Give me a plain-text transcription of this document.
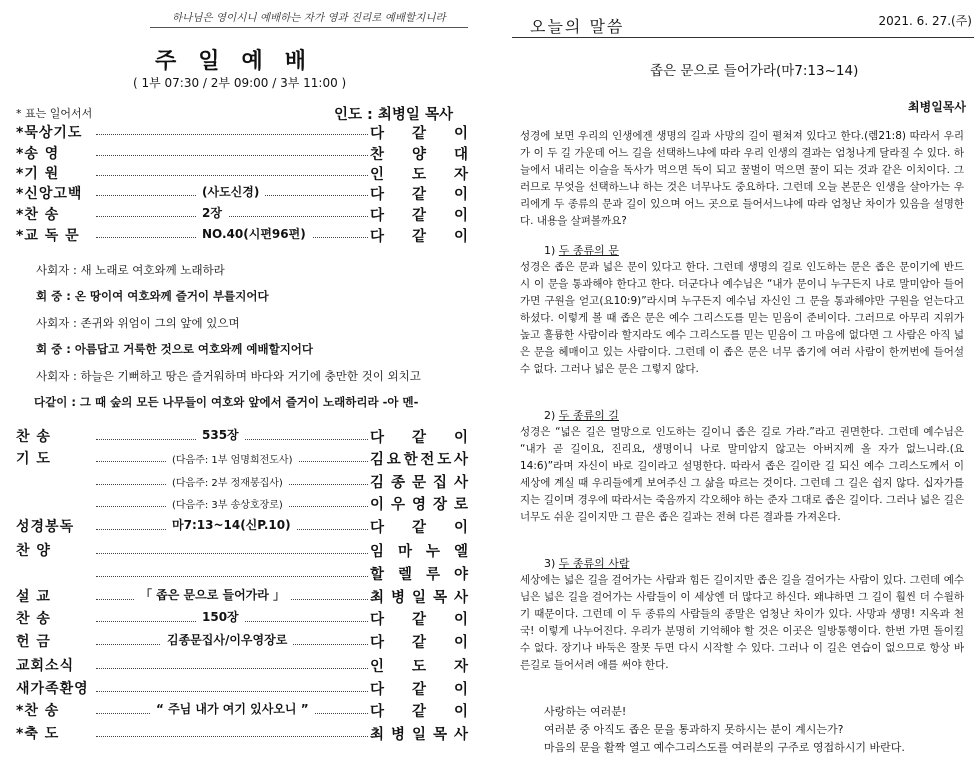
하나님은 영이시니 예배하는 자가 영과 진리로 예배할지니라
주일예배
( 1부 07:30 / 2부 09:00 / 3부 11:00 )
* 표는 일어서서	인도 : 최병일 목사
*묵상기도	다 같 이
*송 영	찬 양 대
*기 원	인 도 자
*신앙고백	(사도신경)	다 같 이
*찬 송	2장	다 같 이
*교 독 문	NO.40(시편96편)	다 같 이
사회자 : 새 노래로 여호와께 노래하라
회 중 : 온 땅이여 여호와께 즐거이 부를지어다
사회자 : 존귀와 위엄이 그의 앞에 있으며
회 중 : 아름답고 거룩한 것으로 여호와께 예배할지어다
사회자 : 하늘은 기뻐하고 땅은 즐거워하며 바다와 거기에 충만한 것이 외치고
다같이 : 그 때 숲의 모든 나무들이 여호와 앞에서 즐거이 노래하리라 -아 멘-
찬 송	535장	다 같 이
기 도	(다음주: 1부 엄명희전도사)	김 요 한 전 도 사
(다음주: 2부 정재봉집사)	김 종 문 집 사
(다음주: 3부 송상호장로)	이 우 영 장 로
성경봉독	마7:13~14(신P.10)	다 같 이
찬 양	임 마 누 엘
할 렐 루 야
설 교	「 좁은 문으로 들어가라 」	최 병 일 목 사
찬 송	150장	다 같 이
헌 금	김종문집사/이우영장로	다 같 이
교회소식	인 도 자
새가족환영	다 같 이
*찬 송	“ 주님 내가 여기 있사오니 ”	다 같 이
*축 도	최 병 일 목 사
오늘의 말씀	2021. 6. 27.(주)
좁은 문으로 들어가라(마7:13~14)
최병일목사
성경에 보면 우리의 인생에겐 생명의 길과 사망의 길이 펼쳐져 있다고 한다.(렘21:8) 따라서 우리가 이 두 길 가운데 어느 길을 선택하느냐에 따라 우리 인생의 결과는 엄청나게 달라질 수 있다. 하늘에서 내리는 이슬을 독사가 먹으면 독이 되고 꿀벌이 먹으면 꿀이 되는 것과 같은 이치이다. 그러므로 무엇을 선택하느냐 하는 것은 너무나도 중요하다. 그런데 오늘 본문은 인생을 살아가는 우리에게 두 종류의 문과 길이 있으며 어느 곳으로 들어서느냐에 따라 엄청난 차이가 있음을 설명한다. 내용을 살펴볼까요?
1) 두 종류의 문
성경은 좁은 문과 넓은 문이 있다고 한다. 그런데 생명의 길로 인도하는 문은 좁은 문이기에 반드시 이 문을 통과해야 한다고 한다. 더군다나 예수님은 “내가 문이니 누구든지 나로 말미암아 들어가면 구원을 얻고(요10:9)”라시며 누구든지 예수님 자신인 그 문을 통과해야만 구원을 얻는다고 하셨다. 이렇게 볼 때 좁은 문은 예수 그리스도를 믿는 믿음이 준비이다. 그러므로 아무리 지위가 높고 훌륭한 사람이라 할지라도 예수 그리스도를 믿는 믿음이 그 마음에 없다면 그 사람은 아직 넓은 문을 헤매이고 있는 사람이다. 그런데 이 좁은 문은 너무 좁기에 여러 사람이 한꺼번에 들어설 수 없다. 그러나 넓은 문은 그렇지 않다.
2) 두 종류의 길
성경은 “넓은 길은 멸망으로 인도하는 길이니 좁은 길로 가라.”라고 권면한다. 그런데 예수님은 “내가 곧 길이요, 진리요, 생명이니 나로 말미암지 않고는 아버지께 올 자가 없느니라.(요14:6)”라며 자신이 바로 길이라고 설명한다. 따라서 좁은 길이란 길 되신 예수 그리스도께서 이 세상에 계실 때 우리들에게 보여주신 그 삶을 따르는 것이다. 그런데 그 길은 쉽지 않다. 십자가를 지는 길이며 경우에 따라서는 죽음까지 각오해야 하는 준자 그대로 좁은 길이다. 그러나 넓은 길은 너무도 쉬운 길이지만 그 끝은 좁은 길과는 전혀 다른 결과를 가져온다.
3) 두 종류의 사람
세상에는 넓은 길을 걸어가는 사람과 힘든 길이지만 좁은 길을 걸어가는 사람이 있다. 그런데 예수님은 넓은 길을 걸어가는 사람들이 이 세상엔 더 많다고 하신다. 왜냐하면 그 길이 훨씬 더 수월하기 때문이다. 그런데 이 두 종류의 사람들의 종말은 엄청난 차이가 있다. 사망과 생명! 지옥과 천국! 이렇게 나누어진다. 우리가 분명히 기억해야 할 것은 이곳은 일방통행이다. 한번 가면 돌이킬 수 없다. 장기나 바둑은 잘못 두면 다시 시작할 수 있다. 그러나 이 길은 연습이 없으므로 항상 바른길로 들어서려 애를 써야 한다.
사랑하는 여러분!
여러분 중 아직도 좁은 문을 통과하지 못하시는 분이 계시는가?
마음의 문을 활짝 열고 예수그리스도를 여러분의 구주로 영접하시기 바란다.
